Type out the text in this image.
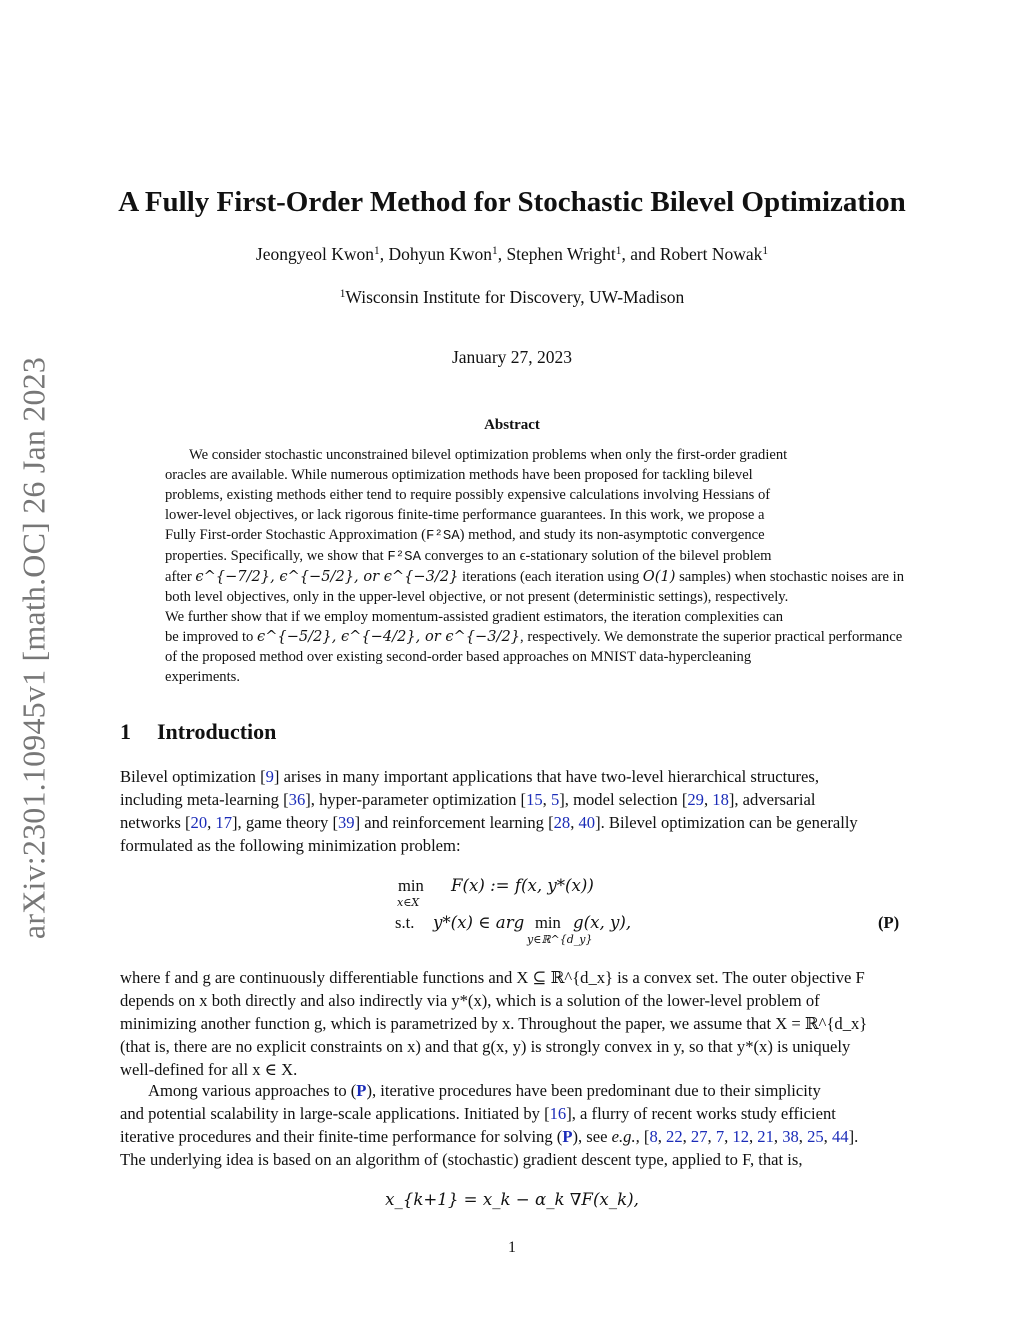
arXiv:2301.10945v1 [math.OC] 26 Jan 2023
A Fully First-Order Method for Stochastic Bilevel Optimization
Jeongyeol Kwon$^1$, Dohyun Kwon$^1$, Stephen Wright$^1$, and Robert Nowak$^1$
$^1$Wisconsin Institute for Discovery, UW-Madison
January 27, 2023
Abstract
We consider stochastic unconstrained bilevel optimization problems when only the first-order gradient
oracles are available. While numerous optimization methods have been proposed for tackling bilevel
problems, existing methods either tend to require possibly expensive calculations involving Hessians of
lower-level objectives, or lack rigorous finite-time performance guarantees. In this work, we propose a
Fully First-order Stochastic Approximation (F²SA) method, and study its non-asymptotic convergence
properties. Specifically, we show that F²SA converges to an ϵ-stationary solution of the bilevel problem
after ϵ^{−7/2}, ϵ^{−5/2}, or ϵ^{−3/2} iterations (each iteration using O(1) samples) when stochastic noises are in
both level objectives, only in the upper-level objective, or not present (deterministic settings), respectively.
We further show that if we employ momentum-assisted gradient estimators, the iteration complexities can
be improved to ϵ^{−5/2}, ϵ^{−4/2}, or ϵ^{−3/2}, respectively. We demonstrate the superior practical performance
of the proposed method over existing second-order based approaches on MNIST data-hypercleaning
experiments.
1 Introduction
Bilevel optimization [9] arises in many important applications that have two-level hierarchical structures,
including meta-learning [36], hyper-parameter optimization [15, 5], model selection [29, 18], adversarial
networks [20, 17], game theory [39] and reinforcement learning [28, 40]. Bilevel optimization can be generally
formulated as the following minimization problem:
min
x∈X
F(x) := f(x, y*(x))
s.t. y*(x) ∈ arg min
y∈ℝ^{d_y}
g(x, y),	(P)
where f and g are continuously differentiable functions and X ⊆ ℝ^{d_x} is a convex set. The outer objective F
depends on x both directly and also indirectly via y*(x), which is a solution of the lower-level problem of
minimizing another function g, which is parametrized by x. Throughout the paper, we assume that X = ℝ^{d_x}
(that is, there are no explicit constraints on x) and that g(x, y) is strongly convex in y, so that y*(x) is uniquely
well-defined for all x ∈ X.
Among various approaches to (P), iterative procedures have been predominant due to their simplicity
and potential scalability in large-scale applications. Initiated by [16], a flurry of recent works study efficient
iterative procedures and their finite-time performance for solving (P), see e.g., [8, 22, 27, 7, 12, 21, 38, 25, 44].
The underlying idea is based on an algorithm of (stochastic) gradient descent type, applied to F, that is,
x_{k+1} = x_k − α_k ∇F(x_k),
1
